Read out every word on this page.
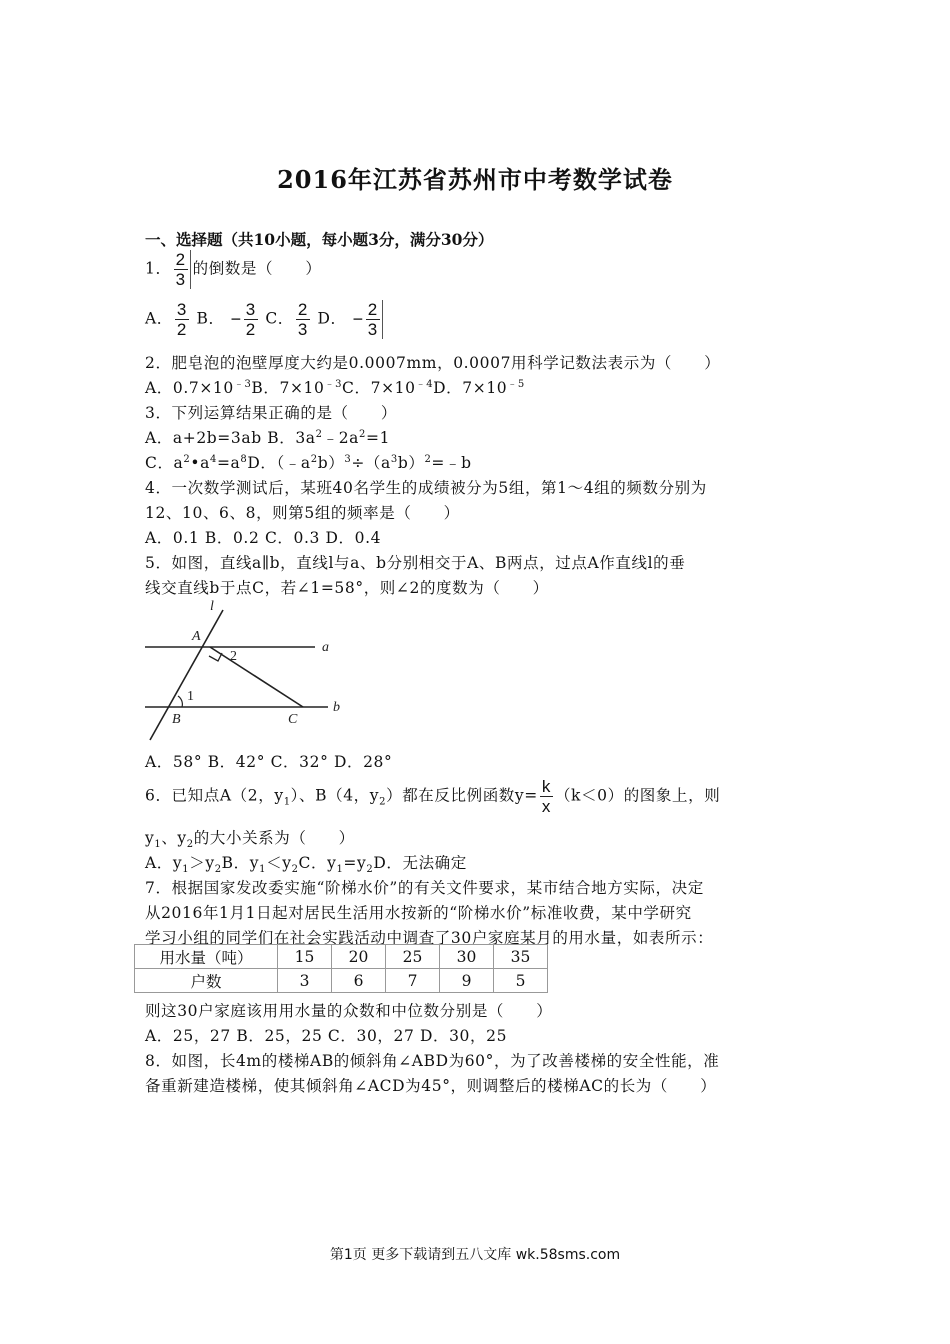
2016年江苏省苏州市中考数学试卷
一、选择题（共10小题，每小题3分，满分30分）
1． $\frac{2}{3}$ 的倒数是（　　）
A． $\frac{3}{2}$ B． − $\frac{3}{2}$ C． $\frac{2}{3}$ D． − $\frac{2}{3}$
2．肥皂泡的泡壁厚度大约是0.0007mm，0.0007用科学记数法表示为（　　）
A．$0.7\times 10^{﹣3}B$．$7\times 10^{﹣3}C$．$7\times 10^{﹣4}D$．$7\times 10^{﹣5}$
3．下列运算结果正确的是（　　）
A．a+2b=3ab B．$3a^2﹣2a^2=1$
C．$a^2•a^4=a^8D$．$(﹣a^2b)^3\div(a^3b)^2=﹣b$
4．一次数学测试后，某班40名学生的成绩被分为5组，第1～4组的频数分别为
12、10、6、8，则第5组的频率是（　　）
A．0.1 B．0.2 C．0.3 D．0.4
5．如图，直线a∥b，直线l与a、b分别相交于A、B两点，过点A作直线l的垂
线交直线b于点C，若∠1=58°，则∠2的度数为（　　）
l
A
a
2
1
B	C
b
A．58° B．42° C．32° D．28°
6．已知点A（2，$y_1$）、B（4，$y_2$）都在反比例函数$y= \frac{k}{x} (k<0)$的图象上，则
$y_1$、$y_2$的大小关系为（　　）
A．$y_1>y_2B$．$y_1<y_2C$．$y_1=y_2D$．无法确定
7．根据国家发改委实施“阶梯水价”的有关文件要求，某市结合地方实际，决定
从2016年1月1日起对居民生活用水按新的“阶梯水价”标准收费，某中学研究
学习小组的同学们在社会实践活动中调查了30户家庭某月的用水量，如表所示：
用水量（吨）	15	20	25	30	35
户数	3	6	7	9	5
则这30户家庭该用用水量的众数和中位数分别是（　　）
A．25，27 B．25，25 C．30，27 D．30，25
8．如图，长4m的楼梯AB的倾斜角∠ABD为60°，为了改善楼梯的安全性能，准
备重新建造楼梯，使其倾斜角∠ACD为45°，则调整后的楼梯AC的长为（　　）
第1页 更多下载请到五八文库 wk.58sms.com
